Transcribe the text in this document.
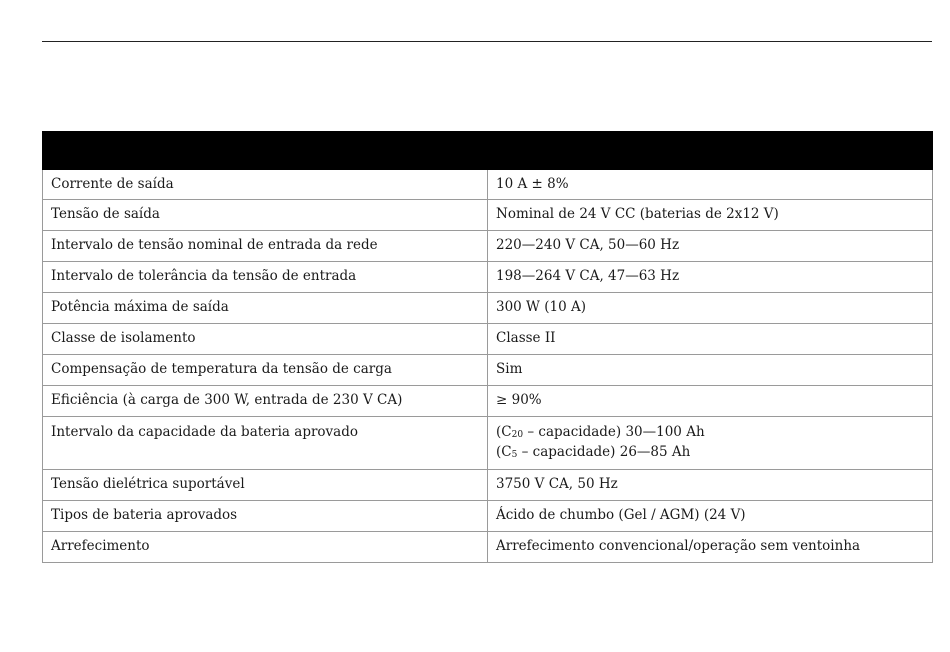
Corrente de saída	10 A ± 8%
Tensão de saída	Nominal de 24 V CC (baterias de 2x12 V)
Intervalo de tensão nominal de entrada da rede	220—240 V CA, 50—60 Hz
Intervalo de tolerância da tensão de entrada	198—264 V CA, 47—63 Hz
Potência máxima de saída	300 W (10 A)
Classe de isolamento	Classe II
Compensação de temperatura da tensão de carga	Sim
Eficiência (à carga de 300 W, entrada de 230 V CA)	≥ 90%
Intervalo da capacidade da bateria aprovado	($C_{20}$ – capacidade) 30—100 Ah
($C_5$ – capacidade) 26—85 Ah

Tensão dielétrica suportável	3750 V CA, 50 Hz
Tipos de bateria aprovados	Ácido de chumbo (Gel / AGM) (24 V)
Arrefecimento	Arrefecimento convencional/operação sem ventoinha
